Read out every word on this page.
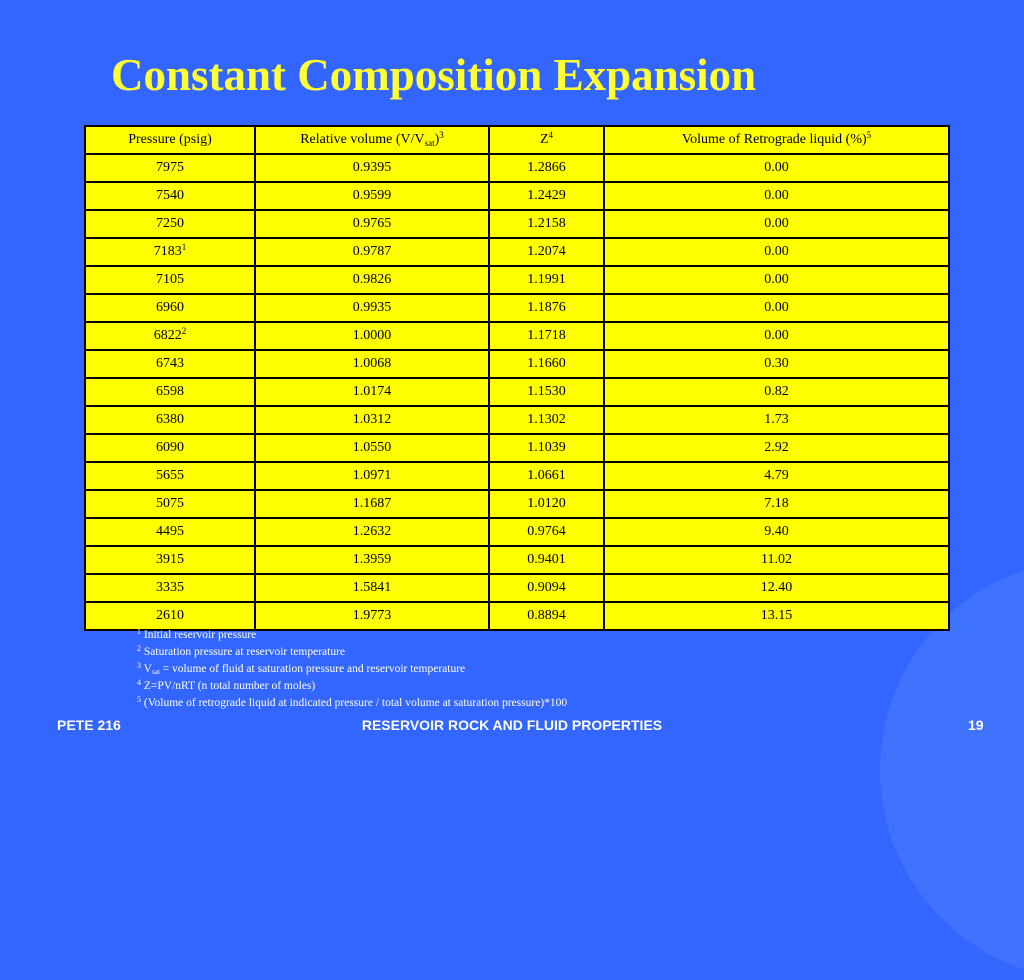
Constant Composition Expansion
Pressure (psig)	Relative volume $(V/V_{sat})^3$	$Z^4$	Volume of Retrograde liquid (%)$^5$
7975	0.9395	1.2866	0.00
7540	0.9599	1.2429	0.00
7250	0.9765	1.2158	0.00
7183$^1$	0.9787	1.2074	0.00
7105	0.9826	1.1991	0.00
6960	0.9935	1.1876	0.00
6822$^2$	1.0000	1.1718	0.00
6743	1.0068	1.1660	0.30
6598	1.0174	1.1530	0.82
6380	1.0312	1.1302	1.73
6090	1.0550	1.1039	2.92
5655	1.0971	1.0661	4.79
5075	1.1687	1.0120	7.18
4495	1.2632	0.9764	9.40
3915	1.3959	0.9401	11.02
3335	1.5841	0.9094	12.40
2610	1.9773	0.8894	13.15
$^1$ Initial reservoir pressure
$^2$ Saturation pressure at reservoir temperature
$^3$ $V_{sat}$ = volume of fluid at saturation pressure and reservoir temperature
$^4$ Z=PV/nRT (n total number of moles)
$^5$ (Volume of retrograde liquid at indicated pressure / total volume at saturation pressure)*100
PETE 216	RESERVOIR ROCK AND FLUID PROPERTIES	19
